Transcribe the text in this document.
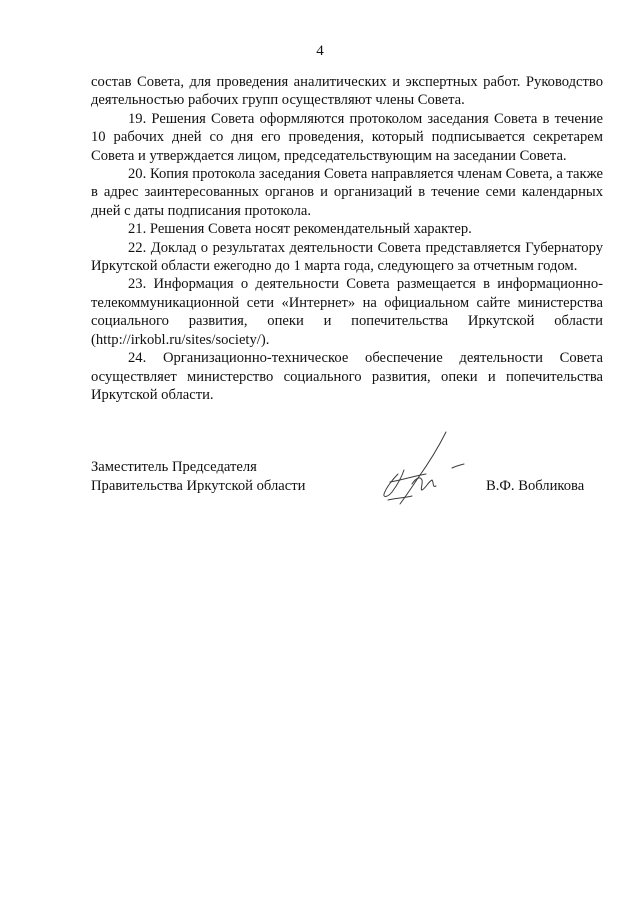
4

состав Совета, для проведения аналитических и экспертных работ. Руководство деятельностью рабочих групп осуществляют члены Совета.

19. Решения Совета оформляются протоколом заседания Совета в течение 10 рабочих дней со дня его проведения, который подписывается секретарем Совета и утверждается лицом, председательствующим на заседании Совета.

20. Копия протокола заседания Совета направляется членам Совета, а также в адрес заинтересованных органов и организаций в течение семи календарных дней с даты подписания протокола.

21. Решения Совета носят рекомендательный характер.

22. Доклад о результатах деятельности Совета представляется Губернатору Иркутской области ежегодно до 1 марта года, следующего за отчетным годом.

23. Информация о деятельности Совета размещается в информационно-телекоммуникационной сети «Интернет» на официальном сайте министерства социального развития, опеки и попечительства Иркутской области (http://irkobl.ru/sites/society/).

24. Организационно-техническое обеспечение деятельности Совета осуществляет министерство социального развития, опеки и попечительства Иркутской области.

Заместитель Председателя
Правительства Иркутской области	В.Ф. Вобликова
